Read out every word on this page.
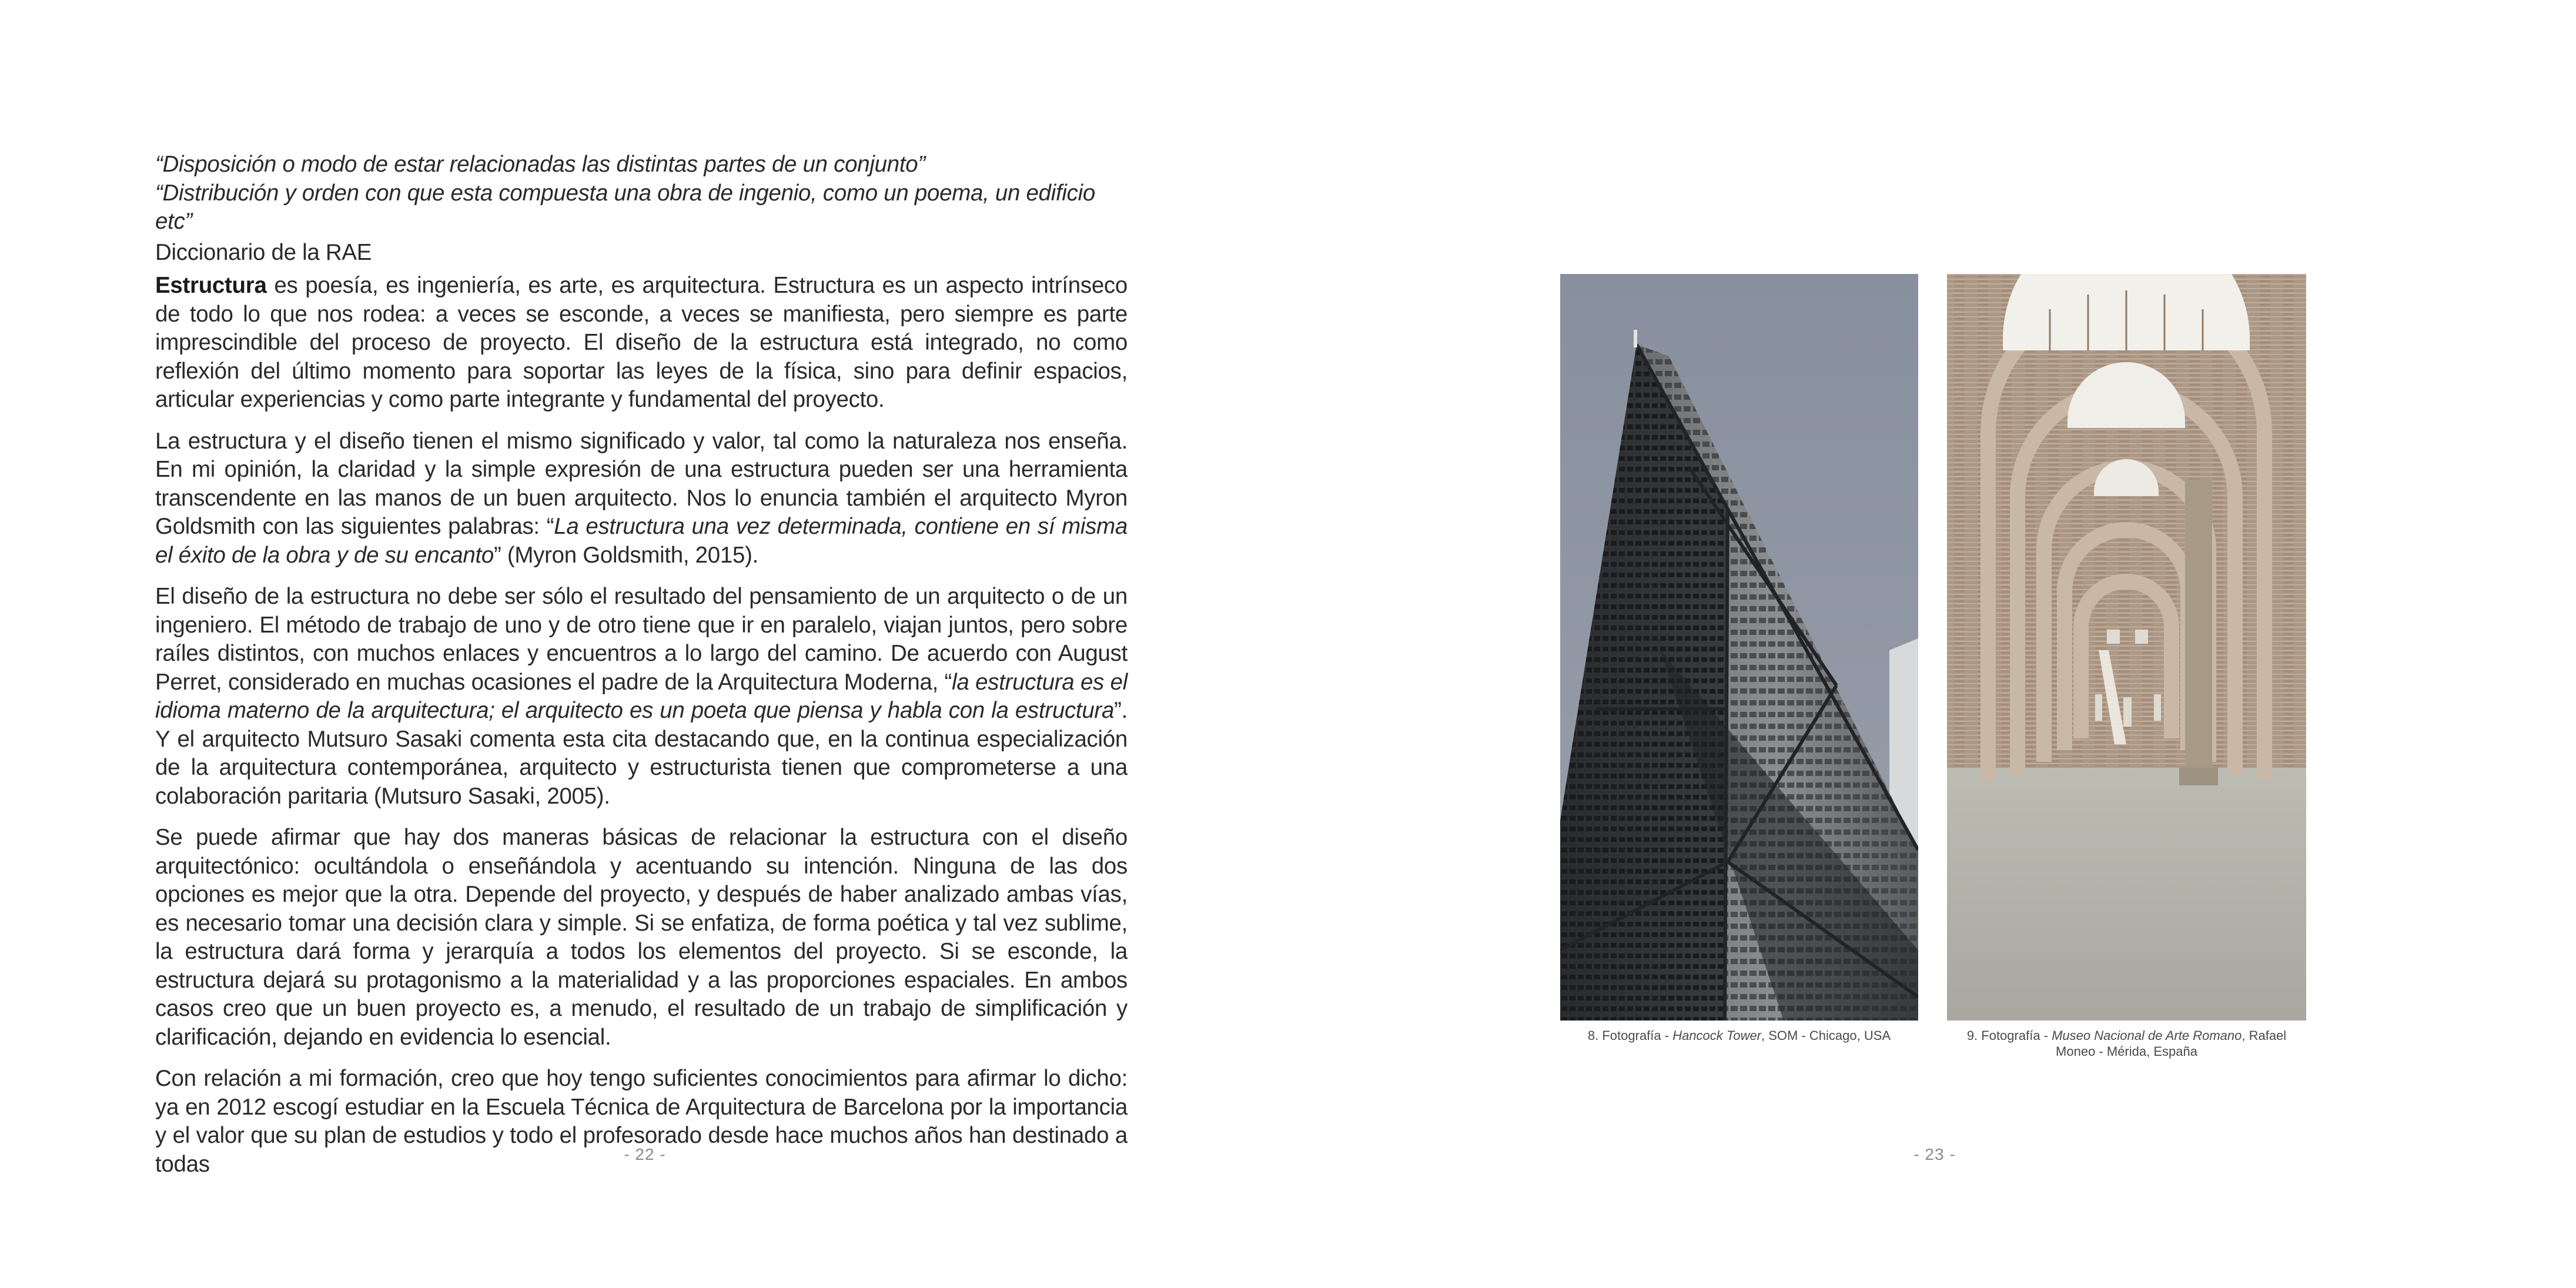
“Disposición o modo de estar relacionadas las distintas partes de un conjunto”

“Distribución y orden con que esta compuesta una obra de ingenio, como un poema, un edificio etc”

Diccionario de la RAE

Estructura es poesía, es ingeniería, es arte, es arquitectura. Estructura es un aspecto intrínseco de todo lo que nos rodea: a veces se esconde, a veces se manifiesta, pero siempre es parte imprescindible del proceso de proyecto. El diseño de la estructura está integrado, no como reflexión del último momento para soportar las leyes de la física, sino para definir espacios, articular experiencias y como parte integrante y fundamental del proyecto.

La estructura y el diseño tienen el mismo significado y valor, tal como la naturaleza nos enseña. En mi opinión, la claridad y la simple expresión de una estructura pueden ser una herramienta transcendente en las manos de un buen arquitecto. Nos lo enuncia también el arquitecto Myron Goldsmith con las siguientes palabras: “La estructura una vez determinada, contiene en sí misma el éxito de la obra y de su encanto” (Myron Goldsmith, 2015).

El diseño de la estructura no debe ser sólo el resultado del pensamiento de un arquitecto o de un ingeniero. El método de trabajo de uno y de otro tiene que ir en paralelo, viajan juntos, pero sobre raíles distintos, con muchos enlaces y encuentros a lo largo del camino. De acuerdo con August Perret, considerado en muchas ocasiones el padre de la Arquitectura Moderna, “la estructura es el idioma materno de la arquitectura; el arquitecto es un poeta que piensa y habla con la estructura”. Y el arquitecto Mutsuro Sasaki comenta esta cita destacando que, en la continua especialización de la arquitectura contemporánea, arquitecto y estructurista tienen que comprometerse a una colaboración paritaria (Mutsuro Sasaki, 2005).

Se puede afirmar que hay dos maneras básicas de relacionar la estructura con el diseño arquitectónico: ocultándola o enseñándola y acentuando su intención. Ninguna de las dos opciones es mejor que la otra. Depende del proyecto, y después de haber analizado ambas vías, es necesario tomar una decisión clara y simple. Si se enfatiza, de forma poética y tal vez sublime, la estructura dará forma y jerarquía a todos los elementos del proyecto. Si se esconde, la estructura dejará su protagonismo a la materialidad y a las proporciones espaciales. En ambos casos creo que un buen proyecto es, a menudo, el resultado de un trabajo de simplificación y clarificación, dejando en evidencia lo esencial.

Con relación a mi formación, creo que hoy tengo suficientes conocimientos para afirmar lo dicho: ya en 2012 escogí estudiar en la Escuela Técnica de Arquitectura de Barcelona por la importancia y el valor que su plan de estudios y todo el profesorado desde hace muchos años han destinado a todas	- 22 -
8. Fotografía - Hancock Tower, SOM - Chicago, USA	9. Fotografía - Museo Nacional de Arte Romano, Rafael Moneo - Mérida, España
- 23 -
